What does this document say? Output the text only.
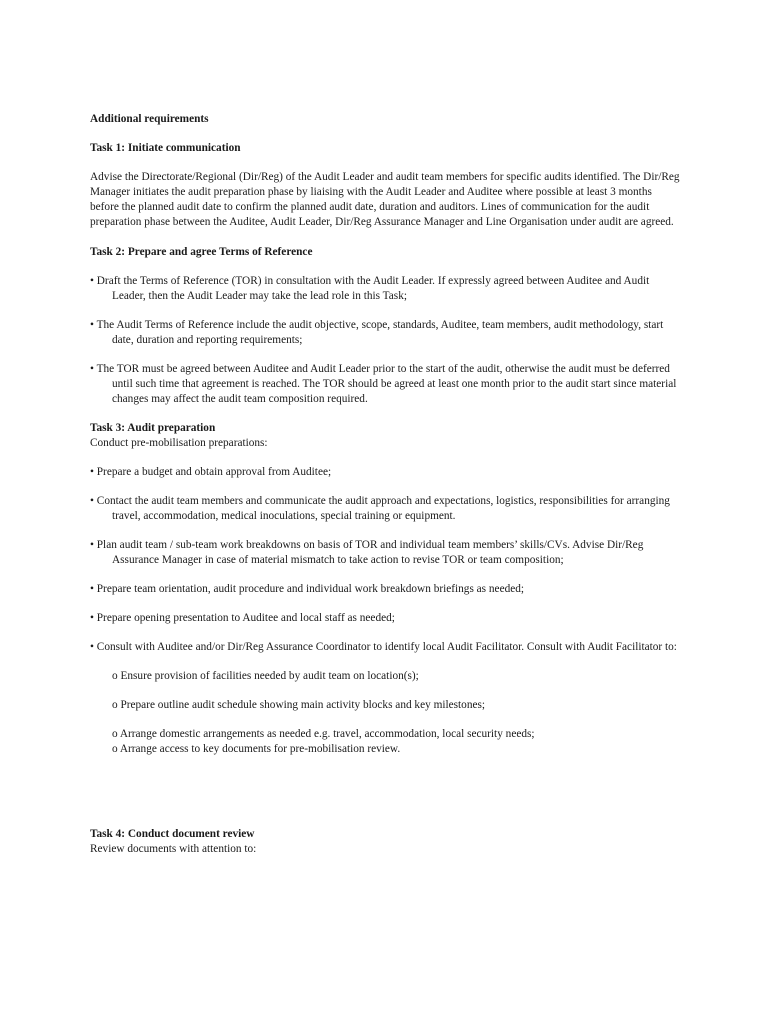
Additional requirements

Task 1: Initiate communication

Advise the Directorate/Regional (Dir/Reg) of the Audit Leader and audit team members for specific audits identified. The Dir/Reg Manager initiates the audit preparation phase by liaising with the Audit Leader and Auditee where possible at least 3 months before the planned audit date to confirm the planned audit date, duration and auditors. Lines of communication for the audit preparation phase between the Auditee, Audit Leader, Dir/Reg Assurance Manager and Line Organisation under audit are agreed.

Task 2: Prepare and agree Terms of Reference

• Draft the Terms of Reference (TOR) in consultation with the Audit Leader. If expressly agreed between Auditee and Audit Leader, then the Audit Leader may take the lead role in this Task;

• The Audit Terms of Reference include the audit objective, scope, standards, Auditee, team members, audit methodology, start date, duration and reporting requirements;

• The TOR must be agreed between Auditee and Audit Leader prior to the start of the audit, otherwise the audit must be deferred until such time that agreement is reached. The TOR should be agreed at least one month prior to the audit start since material changes may affect the audit team composition required.

Task 3: Audit preparation

Conduct pre-mobilisation preparations:

• Prepare a budget and obtain approval from Auditee;

• Contact the audit team members and communicate the audit approach and expectations, logistics, responsibilities for arranging travel, accommodation, medical inoculations, special training or equipment.

• Plan audit team / sub-team work breakdowns on basis of TOR and individual team members’ skills/CVs. Advise Dir/Reg Assurance Manager in case of material mismatch to take action to revise TOR or team composition;

• Prepare team orientation, audit procedure and individual work breakdown briefings as needed;

• Prepare opening presentation to Auditee and local staff as needed;

• Consult with Auditee and/or Dir/Reg Assurance Coordinator to identify local Audit Facilitator. Consult with Audit Facilitator to:

o Ensure provision of facilities needed by audit team on location(s);

o Prepare outline audit schedule showing main activity blocks and key milestones;

o Arrange domestic arrangements as needed e.g. travel, accommodation, local security needs;

o Arrange access to key documents for pre-mobilisation review.

Task 4: Conduct document review

Review documents with attention to:
